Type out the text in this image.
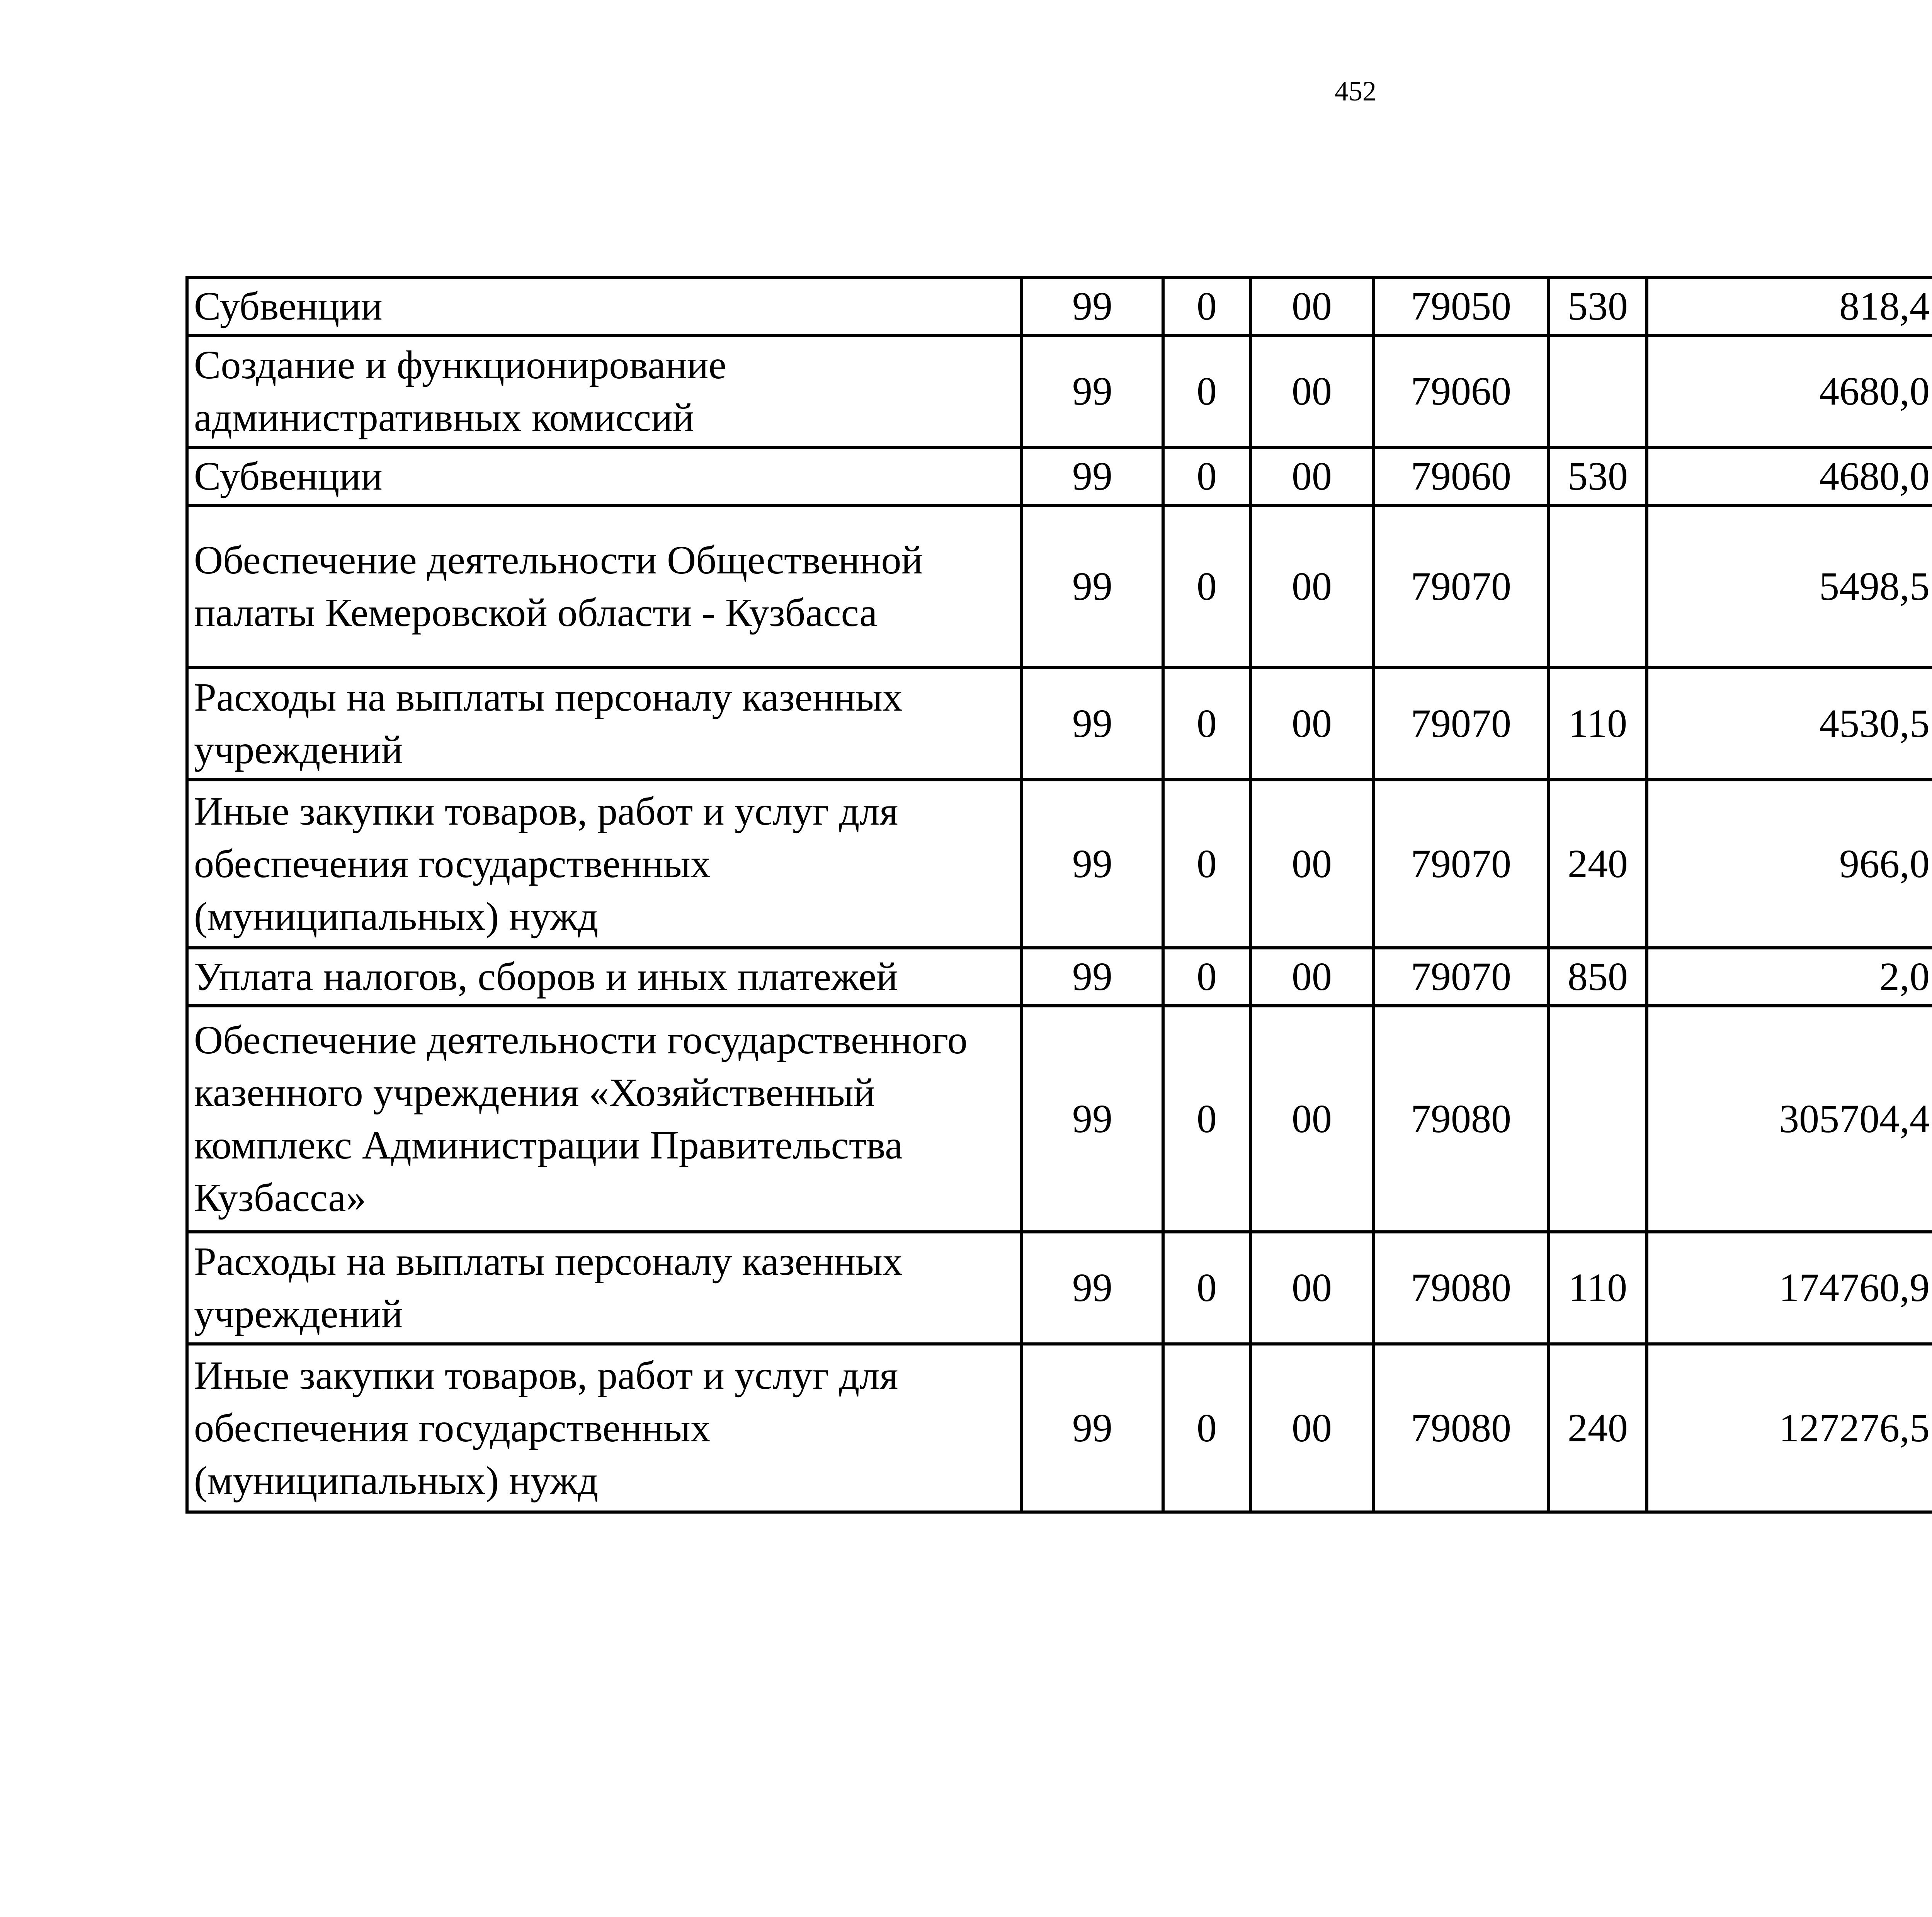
452
Субвенции	99	0	00	79050	530	818,4		
Создание и функционирование административных комиссий	99	0	00	79060		4680,0		
Субвенции	99	0	00	79060	530	4680,0		
Обеспечение деятельности Общественной палаты Кемеровской области - Кузбасса	99	0	00	79070		5498,5		
Расходы на выплаты персоналу казенных учреждений	99	0	00	79070	110	4530,5		
Иные закупки товаров, работ и услуг для обеспечения государственных (муниципальных) нужд	99	0	00	79070	240	966,0		
Уплата налогов, сборов и иных платежей	99	0	00	79070	850	2,0		
Обеспечение деятельности государственного казенного учреждения «Хозяйственный комплекс Администрации Правительства Кузбасса»	99	0	00	79080		305704,4		
Расходы на выплаты персоналу казенных учреждений	99	0	00	79080	110	174760,9		
Иные закупки товаров, работ и услуг для обеспечения государственных (муниципальных) нужд	99	0	00	79080	240	127276,5		
